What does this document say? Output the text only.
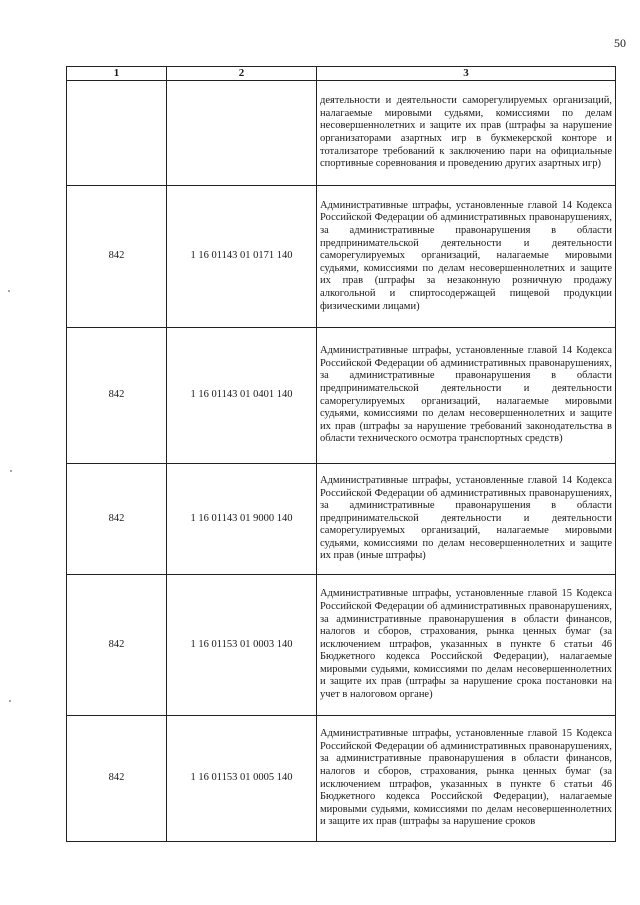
50
1	2	3
		деятельности и деятельности саморегулируемых организаций, налагаемые мировыми судьями, комиссиями по делам несовершеннолетних и защите их прав (штрафы за нарушение организаторами азартных игр в букмекерской конторе и тотализаторе требований к заключению пари на официальные спортивные соревнования и проведению других азартных игр)
842	1 16 01143 01 0171 140	Административные штрафы, установленные главой 14 Кодекса Российской Федерации об административных правонарушениях, за административные правонарушения в области предпринимательской деятельности и деятельности саморегулируемых организаций, налагаемые мировыми судьями, комиссиями по делам несовершеннолетних и защите их прав (штрафы за незаконную розничную продажу алкогольной и спиртосодержащей пищевой продукции физическими лицами)
842	1 16 01143 01 0401 140	Административные штрафы, установленные главой 14 Кодекса Российской Федерации об административных правонарушениях, за административные правонарушения в области предпринимательской деятельности и деятельности саморегулируемых организаций, налагаемые мировыми судьями, комиссиями по делам несовершеннолетних и защите их прав (штрафы за нарушение требований законодательства в области технического осмотра транспортных средств)
842	1 16 01143 01 9000 140	Административные штрафы, установленные главой 14 Кодекса Российской Федерации об административных правонарушениях, за административные правонарушения в области предпринимательской деятельности и деятельности саморегулируемых организаций, налагаемые мировыми судьями, комиссиями по делам несовершеннолетних и защите их прав (иные штрафы)
842	1 16 01153 01 0003 140	Административные штрафы, установленные главой 15 Кодекса Российской Федерации об административных правонарушениях, за административные правонарушения в области финансов, налогов и сборов, страхования, рынка ценных бумаг (за исключением штрафов, указанных в пункте 6 статьи 46 Бюджетного кодекса Российской Федерации), налагаемые мировыми судьями, комиссиями по делам несовершеннолетних и защите их прав (штрафы за нарушение срока постановки на учет в налоговом органе)
842	1 16 01153 01 0005 140	Административные штрафы, установленные главой 15 Кодекса Российской Федерации об административных правонарушениях, за административные правонарушения в области финансов, налогов и сборов, страхования, рынка ценных бумаг (за исключением штрафов, указанных в пункте 6 статьи 46 Бюджетного кодекса Российской Федерации), налагаемые мировыми судьями, комиссиями по делам несовершеннолетних и защите их прав (штрафы за нарушение сроков
